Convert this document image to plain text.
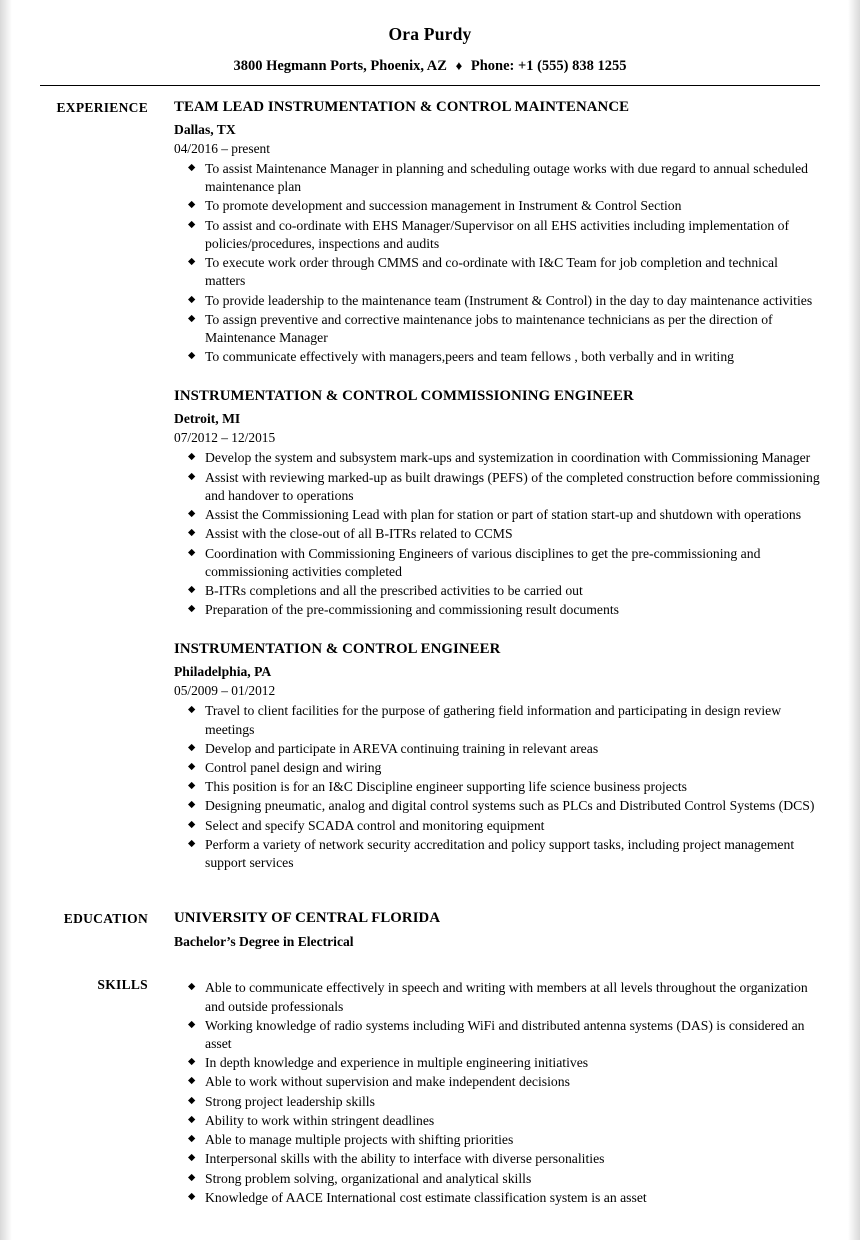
Ora Purdy
3800 Hegmann Ports, Phoenix, AZ ♦ Phone: +1 (555) 838 1255
EXPERIENCE	TEAM LEAD INSTRUMENTATION & CONTROL MAINTENANCE
Dallas, TX
04/2016 – present
◆ To assist Maintenance Manager in planning and scheduling outage works with due regard to annual scheduled maintenance plan
◆ To promote development and succession management in Instrument & Control Section
◆ To assist and co-ordinate with EHS Manager/Supervisor on all EHS activities including implementation of policies/procedures, inspections and audits
◆ To execute work order through CMMS and co-ordinate with I&C Team for job completion and technical matters
◆ To provide leadership to the maintenance team (Instrument & Control) in the day to day maintenance activities
◆ To assign preventive and corrective maintenance jobs to maintenance technicians as per the direction of Maintenance Manager
◆ To communicate effectively with managers,peers and team fellows , both verbally and in writing
INSTRUMENTATION & CONTROL COMMISSIONING ENGINEER
Detroit, MI
07/2012 – 12/2015
◆ Develop the system and subsystem mark-ups and systemization in coordination with Commissioning Manager
◆ Assist with reviewing marked-up as built drawings (PEFS) of the completed construction before commissioning and handover to operations
◆ Assist the Commissioning Lead with plan for station or part of station start-up and shutdown with operations
◆ Assist with the close-out of all B-ITRs related to CCMS
◆ Coordination with Commissioning Engineers of various disciplines to get the pre-commissioning and commissioning activities completed
◆ B-ITRs completions and all the prescribed activities to be carried out
◆ Preparation of the pre-commissioning and commissioning result documents
INSTRUMENTATION & CONTROL ENGINEER
Philadelphia, PA
05/2009 – 01/2012
◆ Travel to client facilities for the purpose of gathering field information and participating in design review meetings
◆ Develop and participate in AREVA continuing training in relevant areas
◆ Control panel design and wiring
◆ This position is for an I&C Discipline engineer supporting life science business projects
◆ Designing pneumatic, analog and digital control systems such as PLCs and Distributed Control Systems (DCS)
◆ Select and specify SCADA control and monitoring equipment
◆ Perform a variety of network security accreditation and policy support tasks, including project management support services
EDUCATION	UNIVERSITY OF CENTRAL FLORIDA
Bachelor’s Degree in Electrical
SKILLS	◆ Able to communicate effectively in speech and writing with members at all levels throughout the organization and outside professionals
◆ Working knowledge of radio systems including WiFi and distributed antenna systems (DAS) is considered an asset
◆ In depth knowledge and experience in multiple engineering initiatives
◆ Able to work without supervision and make independent decisions
◆ Strong project leadership skills
◆ Ability to work within stringent deadlines
◆ Able to manage multiple projects with shifting priorities
◆ Interpersonal skills with the ability to interface with diverse personalities
◆ Strong problem solving, organizational and analytical skills
◆ Knowledge of AACE International cost estimate classification system is an asset
